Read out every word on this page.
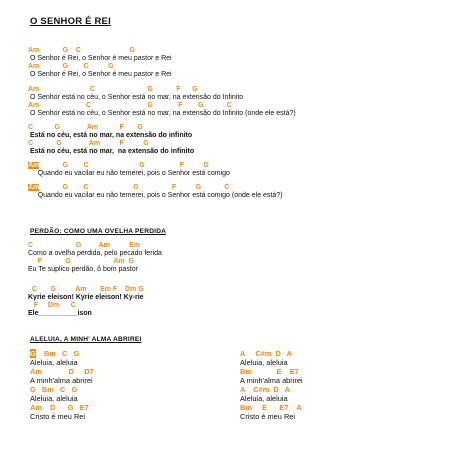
O SENHOR É REI
Am            G    C                         G
O Senhor é Rei, o Senhor é meu pastor e Rei
Am            G        C          G
O Senhor é Rei, o Senhor é meu pastor e Rei
Am                          C                           G            F      G
O Senhor está no céu, o Senhor está no mar, na extensão do Infinito
Am                        C                             G             F        G            C
O Senhor está no céu, o Senhor está no mar, na extensão do Infinito (onde ele está?)
C           G              Am           F       G
Está no céu, está no mar, na extensão do infinito
C            G              Am          F          G
Está no céu, está no mar,  na extensão do infinito
Am            G        C                          G                  F          G
Quando eu vacilar eu não temerei, pois o Senhor está comigo
Am            G        C                       G                 F          G            C
Quando eu vacilar eu não temerei, pois o Senhor está comigo (onde ele está?)
PERDÃO: COMO UMA OVELHA PERDIDA
C                      G         Am          Em
Como a ovelha perdida, pelo pecado ferida
F            G                      Am  G
Eu Te suplico perdão, ô bom pastor
C       G          Am       Em F    Dm G
Kyrie eleison! Kyrie eleison! Ky-rie
F     Dm      C
Ele__________ison
ALELUIA, A MINH’ ALMA ABRIREI
G    Bm   C   G
Aleluia, aleluia
Am             D     D7
A minh'alma abrirei
G   Bm   C   G
Aleluia, aleluia
Am    D      G   E7
Cristo é meu Rei
A     C#m  D   A
Aleluia, aleluia
Bm            E    E7
A minh'alma abrirei
A    C#m  D   A
Aleluia, aleluia
Bm     E      E7    A
Cristo é meu Rei
